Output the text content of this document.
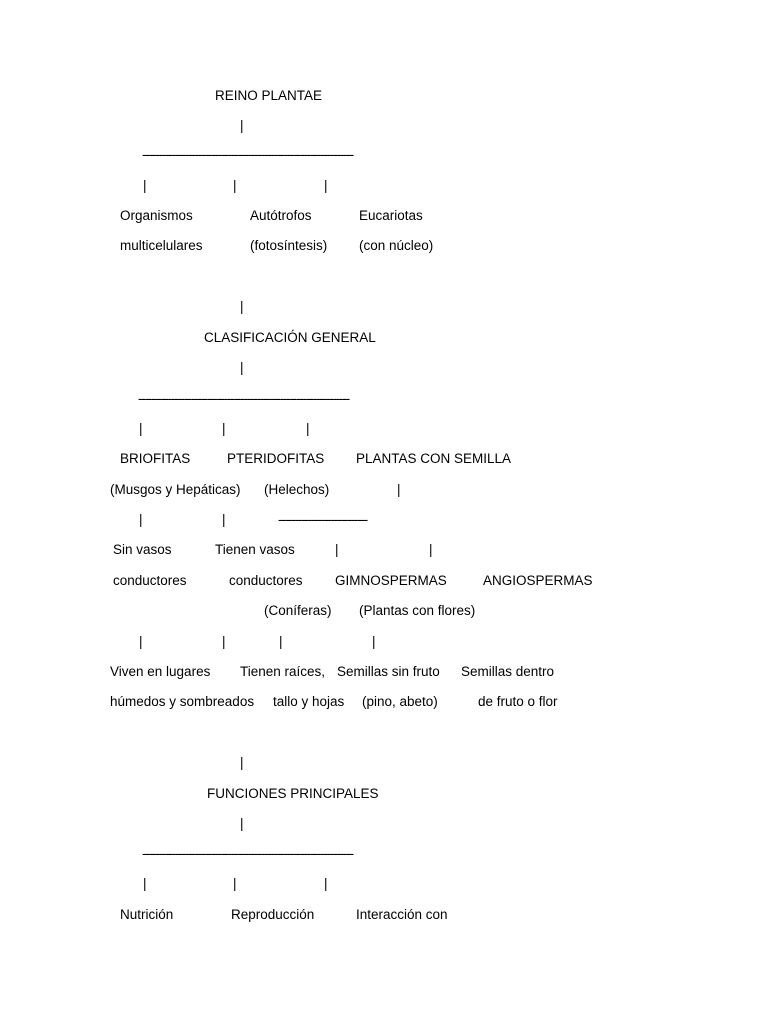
REINO PLANTAE
|
----------------------------------------------------------------
|	|	|
Organismos	Autótrofos	Eucariotas
multicelulares	(fotosíntesis) (con núcleo)
|
CLASIFICACIÓN GENERAL
|
----------------------------------------------------------------
|	|	|
BRIOFITAS	PTERIDOFITAS PLANTAS CON SEMILLA
(Musgos y Hepáticas) (Helechos)	|
|	|	---------------------------
Sin vasos	Tienen vasos	|	|
conductores	conductores GIMNOSPERMAS	ANGIOSPERMAS
(Coníferas) (Plantas con flores)
|	|	|	|
Viven en lugares Tienen raíces, Semillas sin fruto Semillas dentro
húmedos y sombreados tallo y hojas (pino, abeto)	de fruto o flor
|
FUNCIONES PRINCIPALES
|
----------------------------------------------------------------
|	|	|
Nutrición	Reproducción	Interacción con
